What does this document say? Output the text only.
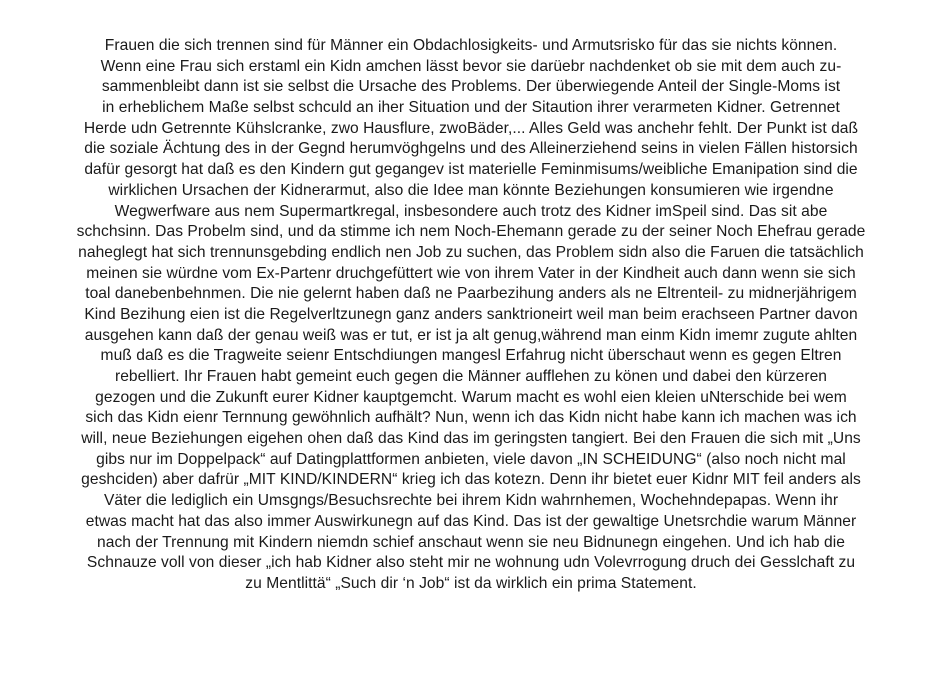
Frauen die sich trennen sind für Männer ein Obdachlosigkeits- und Armutsrisko für das sie nichts können.
Wenn eine Frau sich erstaml ein Kidn amchen lässt bevor sie darüebr nachdenket ob sie mit dem auch zu-
sammenbleibt dann ist sie selbst die Ursache des Problems. Der überwiegende Anteil der Single-Moms ist
in erheblichem Maße selbst schculd an iher Situation und der Sitaution ihrer verarmeten Kidner. Getrennet
Herde udn Getrennte Kühslcranke, zwo Hausflure, zwoBäder,... Alles Geld was anchehr fehlt. Der Punkt ist daß
die soziale Ächtung des in der Gegnd herumvöghgelns und des Alleinerziehend seins in vielen Fällen historsich
dafür gesorgt hat daß es den Kindern gut gegangev ist materielle Feminmisums/weibliche Emanipation sind die
wirklichen Ursachen der Kidnerarmut, also die Idee man könnte Beziehungen konsumieren wie irgendne
Wegwerfware aus nem Supermartkregal, insbesondere auch trotz des Kidner imSpeil sind. Das sit abe
schchsinn. Das Probelm sind, und da stimme ich nem Noch-Ehemann gerade zu der seiner Noch Ehefrau gerade
naheglegt hat sich trennunsgebding endlich nen Job zu suchen, das Problem sidn also die Faruen die tatsächlich
meinen sie würdne vom Ex-Partenr druchgefüttert wie von ihrem Vater in der Kindheit auch dann wenn sie sich
toal danebenbehnmen. Die nie gelernt haben daß ne Paarbezihung anders als ne Eltrenteil- zu midnerjährigem
Kind Bezihung eien ist die Regelverltzunegn ganz anders sanktrioneirt weil man beim erachseen Partner davon
ausgehen kann daß der genau weiß was er tut, er ist ja alt genug,während man einm Kidn imemr zugute ahlten
muß daß es die Tragweite seienr Entschdiungen mangesl Erfahrug nicht überschaut wenn es gegen Eltren
rebelliert. Ihr Frauen habt gemeint euch gegen die Männer aufflehen zu könen und dabei den kürzeren
gezogen und die Zukunft eurer Kidner kauptgemcht. Warum macht es wohl eien kleien uNterschide bei wem
sich das Kidn eienr Ternnung gewöhnlich aufhält? Nun, wenn ich das Kidn nicht habe kann ich machen was ich
will, neue Beziehungen eigehen ohen daß das Kind das im geringsten tangiert. Bei den Frauen die sich mit „Uns
gibs nur im Doppelpack“ auf Datingplattformen anbieten, viele davon „IN SCHEIDUNG“ (also noch nicht mal
geshciden) aber dafrür „MIT KIND/KINDERN“ krieg ich das kotezn. Denn ihr bietet euer Kidnr MIT feil anders als
Väter die lediglich ein Umsgngs/Besuchsrechte bei ihrem Kidn wahrnhemen, Wochehndepapas. Wenn ihr
etwas macht hat das also immer Auswirkunegn auf das Kind. Das ist der gewaltige Unetsrchdie warum Männer
nach der Trennung mit Kindern niemdn schief anschaut wenn sie neu Bidnunegn eingehen. Und ich hab die
Schnauze voll von dieser „ich hab Kidner also steht mir ne wohnung udn Volevrrogung druch dei Gesslchaft zu
zu Mentlittä“ „Such dir ‘n Job“ ist da wirklich ein prima Statement.
